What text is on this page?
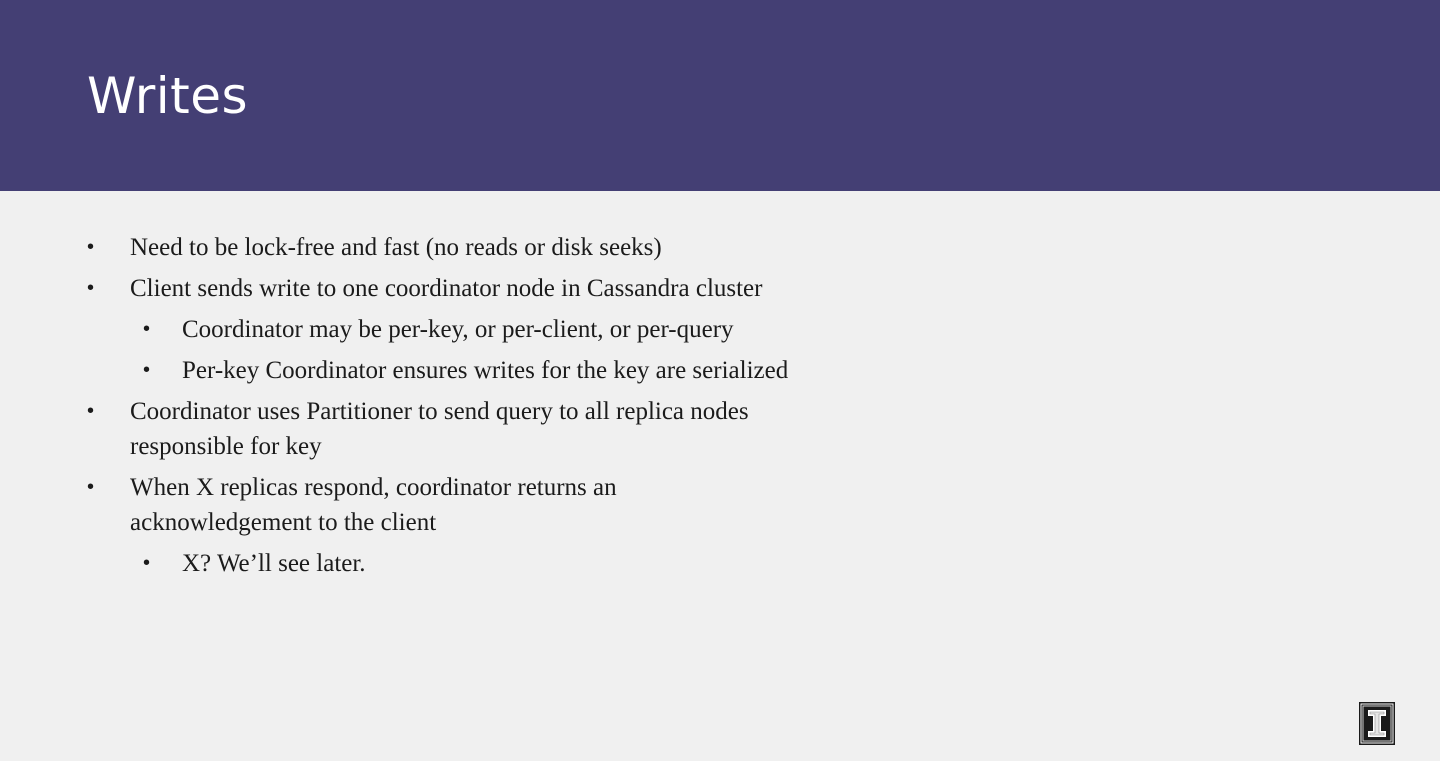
Writes
• Need to be lock-free and fast (no reads or disk seeks)
• Client sends write to one coordinator node in Cassandra cluster
• Coordinator may be per-key, or per-client, or per-query
• Per-key Coordinator ensures writes for the key are serialized
• Coordinator uses Partitioner to send query to all replica nodes responsible for key
• When X replicas respond, coordinator returns an acknowledgement to the client
• X? We’ll see later.
